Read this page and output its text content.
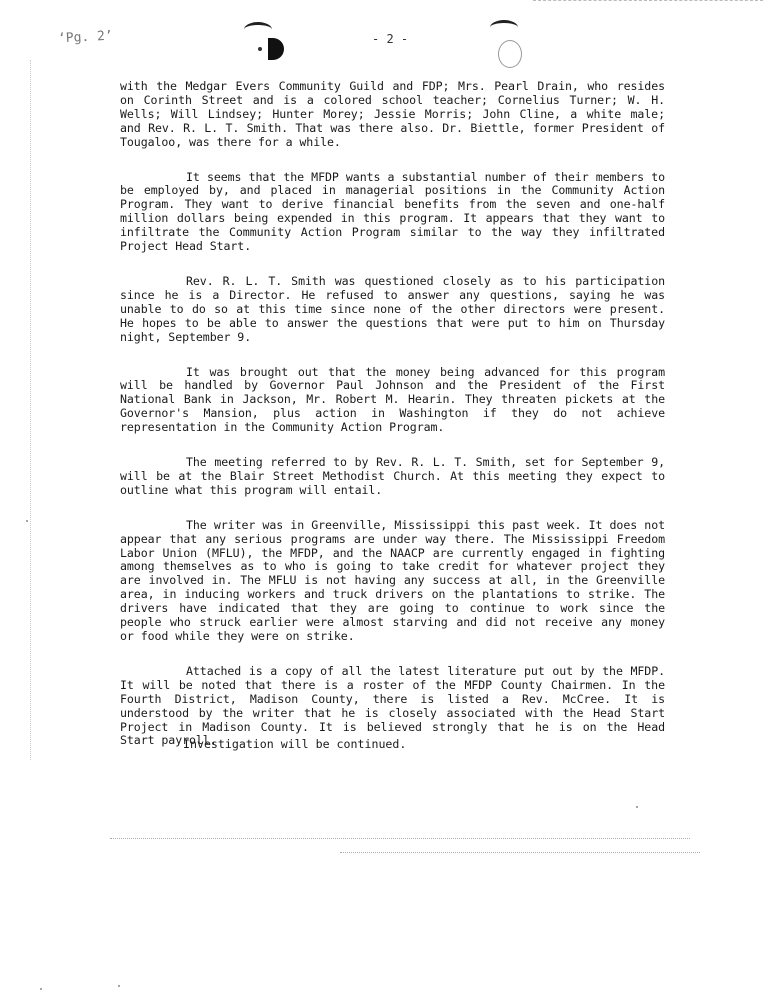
‘Pg. 2’	- 2 -

with the Medgar Evers Community Guild and FDP; Mrs. Pearl Drain, who resides on Corinth Street and is a colored school teacher; Cornelius Turner; W. H. Wells; Will Lindsey; Hunter Morey; Jessie Morris; John Cline, a white male; and Rev. R. L. T. Smith. That was there also. Dr. Biettle, former President of Tougaloo, was there for a while.

It seems that the MFDP wants a substantial number of their members to be employed by, and placed in managerial positions in the Community Action Program. They want to derive financial benefits from the seven and one-half million dollars being expended in this program. It appears that they want to infiltrate the Community Action Program similar to the way they infiltrated Project Head Start.

Rev. R. L. T. Smith was questioned closely as to his participation since he is a Director. He refused to answer any questions, saying he was unable to do so at this time since none of the other directors were present. He hopes to be able to answer the questions that were put to him on Thursday night, September 9.

It was brought out that the money being advanced for this program will be handled by Governor Paul Johnson and the President of the First National Bank in Jackson, Mr. Robert M. Hearin. They threaten pickets at the Governor's Mansion, plus action in Washington if they do not achieve representation in the Community Action Program.

The meeting referred to by Rev. R. L. T. Smith, set for September 9, will be at the Blair Street Methodist Church. At this meeting they expect to outline what this program will entail.

The writer was in Greenville, Mississippi this past week. It does not appear that any serious programs are under way there. The Mississippi Freedom Labor Union (MFLU), the MFDP, and the NAACP are currently engaged in fighting among themselves as to who is going to take credit for whatever project they are involved in. The MFLU is not having any success at all, in the Greenville area, in inducing workers and truck drivers on the plantations to strike. The drivers have indicated that they are going to continue to work since the people who struck earlier were almost starving and did not receive any money or food while they were on strike.

Attached is a copy of all the latest literature put out by the MFDP. It will be noted that there is a roster of the MFDP County Chairmen. In the Fourth District, Madison County, there is listed a Rev. McCree. It is understood by the writer that he is closely associated with the Head Start Project in Madison County. It is believed strongly that he is on the Head Start payroll.

Investigation will be continued.
